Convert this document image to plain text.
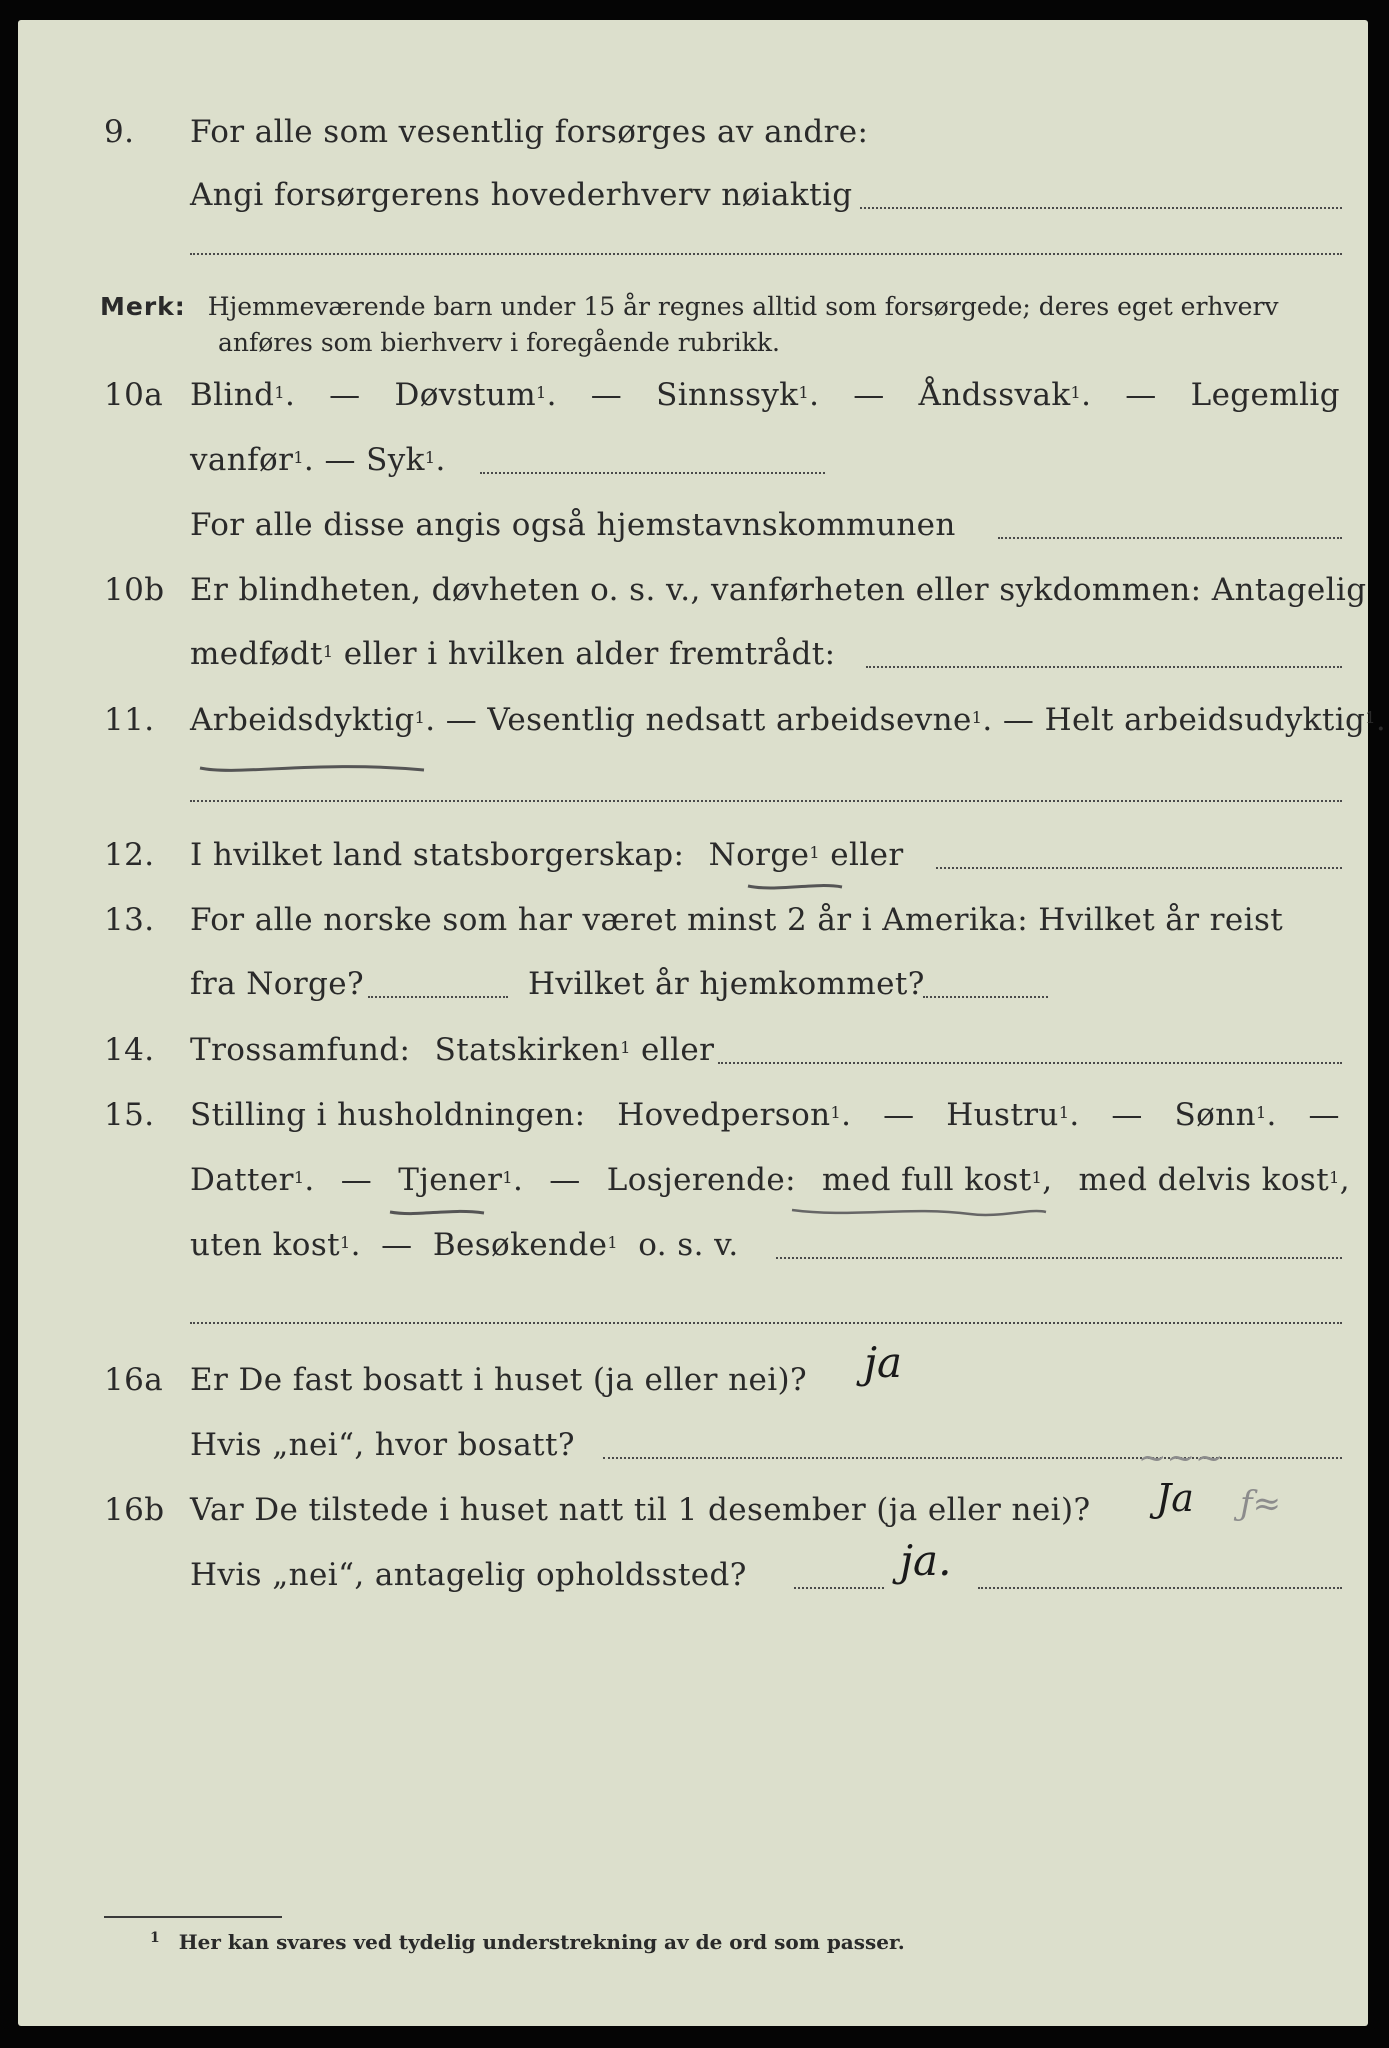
9. For alle som vesentlig forsørges av andre:
Angi forsørgerens hovederhverv nøiaktig
Merk: Hjemmeværende barn under 15 år regnes alltid som forsørgede; deres eget erhverv
anføres som bierhverv i foregående rubrikk.
10a Blind$^1$. — Døvstum$^1$. — Sinnssyk$^1$. — Åndssvak$^1$. — Legemlig
vanfør$^1$. — Syk$^1$.
For alle disse angis også hjemstavnskommunen
10b Er blindheten, døvheten o. s. v., vanførheten eller sykdommen: Antagelig
medfødt$^1$ eller i hvilken alder fremtrådt:
11. Arbeidsdyktig$^1$. — Vesentlig nedsatt arbeidsevne$^1$. — Helt arbeidsudyktig$^1$.
12. I hvilket land statsborgerskap: Norge$^1$ eller
13. For alle norske som har været minst 2 år i Amerika: Hvilket år reist
fra Norge?	Hvilket år hjemkommet?
14. Trossamfund: Statskirken$^1$ eller
15. Stilling i husholdningen: Hovedperson$^1$. — Hustru$^1$. — Sønn$^1$. —
Datter$^1$. — Tjener$^1$. — Losjerende: med full kost$^1$, med delvis kost$^1$,
uten kost$^1$. — Besøkende$^1$ o. s. v.
16a Er De fast bosatt i huset (ja eller nei)? ja
Hvis „nei“, hvor bosatt?	~~~
16b Var De tilstede i huset natt til 1 desember (ja eller nei)? Ja ƒ≈
Hvis „nei“, antagelig opholdssted?	ja.
$^1$ Her kan svares ved tydelig understrekning av de ord som passer.
